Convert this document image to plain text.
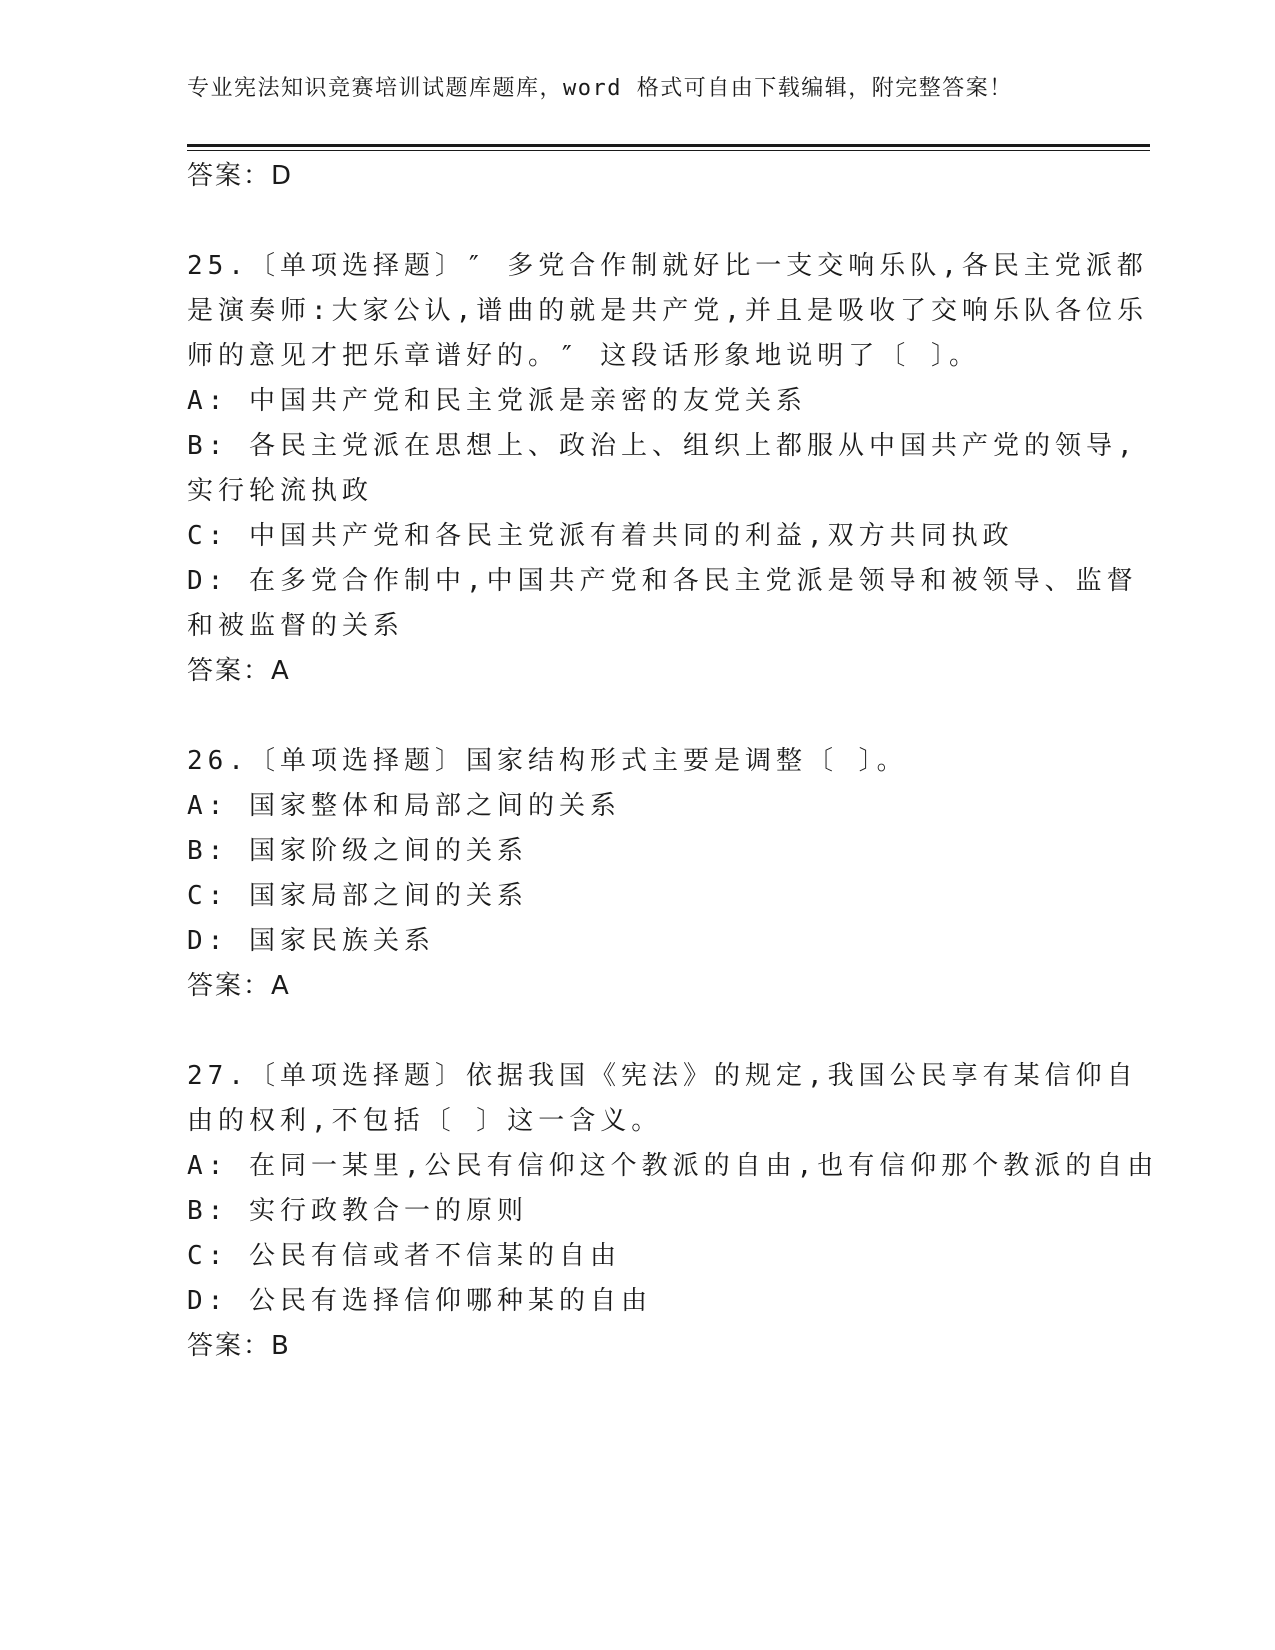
专业宪法知识竞赛培训试题库题库，word 格式可自由下载编辑，附完整答案！
答案：D
25.〔单项选择题〕″ 多党合作制就好比一支交响乐队,各民主党派都
是演奏师:大家公认,谱曲的就是共产党,并且是吸收了交响乐队各位乐
师的意见才把乐章谱好的。″ 这段话形象地说明了〔 〕。
A: 中国共产党和民主党派是亲密的友党关系
B: 各民主党派在思想上、政治上、组织上都服从中国共产党的领导,
实行轮流执政
C: 中国共产党和各民主党派有着共同的利益,双方共同执政
D: 在多党合作制中,中国共产党和各民主党派是领导和被领导、监督
和被监督的关系
答案：A
26.〔单项选择题〕国家结构形式主要是调整〔 〕。
A: 国家整体和局部之间的关系
B: 国家阶级之间的关系
C: 国家局部之间的关系
D: 国家民族关系
答案：A
27.〔单项选择题〕依据我国《宪法》的规定,我国公民享有某信仰自
由的权利,不包括〔 〕这一含义。
A: 在同一某里,公民有信仰这个教派的自由,也有信仰那个教派的自由
B: 实行政教合一的原则
C: 公民有信或者不信某的自由
D: 公民有选择信仰哪种某的自由
答案：B
